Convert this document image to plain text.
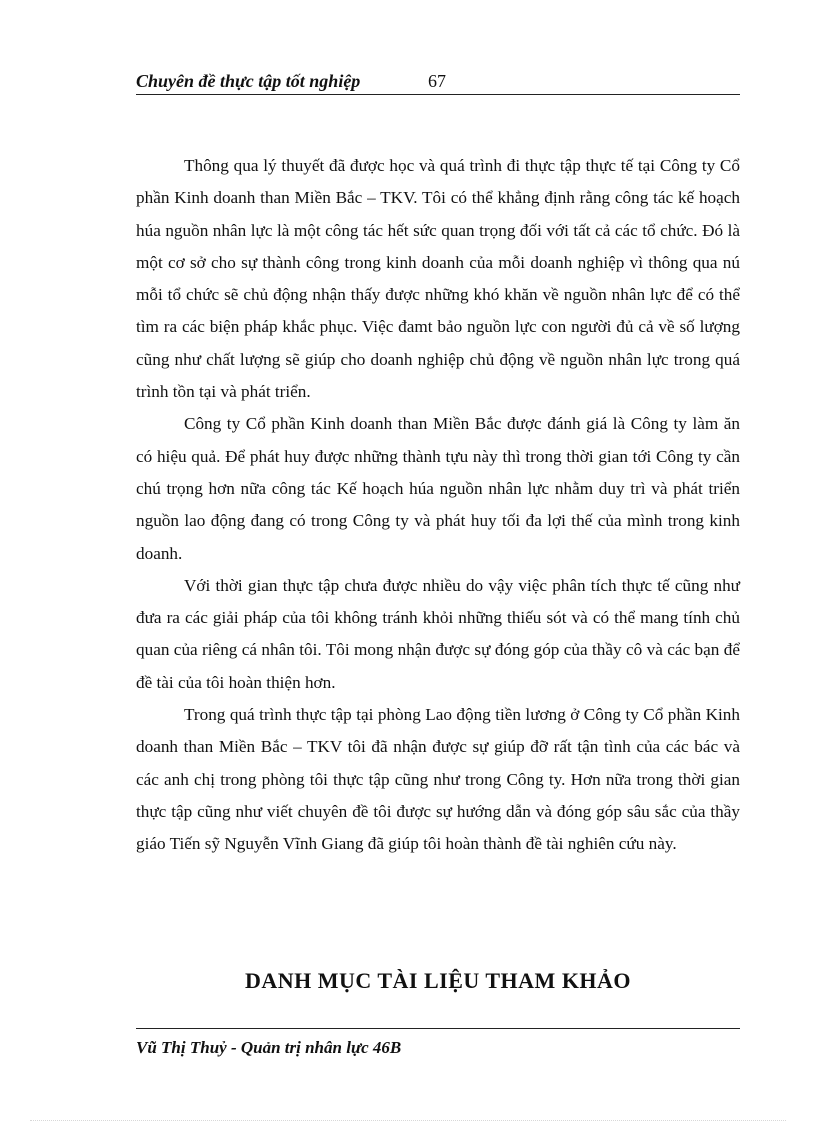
Chuyên đề thực tập tốt nghiệp	67

Thông qua lý thuyết đã được học và quá trình đi thực tập thực tế tại Công ty Cổ phần Kinh doanh than Miền Bắc – TKV. Tôi có thể khẳng định rằng công tác kế hoạch húa nguồn nhân lực là một công tác hết sức quan trọng đối với tất cả các tổ chức. Đó là một cơ sở cho sự thành công trong kinh doanh của mỗi doanh nghiệp vì thông qua nú mỗi tổ chức sẽ chủ động nhận thấy được những khó khăn về nguồn nhân lực để có thể tìm ra các biện pháp khắc phục. Việc đamt bảo nguồn lực con người đủ cả về số lượng cũng như chất lượng sẽ giúp cho doanh nghiệp chủ động về nguồn nhân lực trong quá trình tồn tại và phát triển.

Công ty Cổ phần Kinh doanh than Miền Bắc được đánh giá là Công ty làm ăn có hiệu quả. Để phát huy được những thành tựu này thì trong thời gian tới Công ty cần chú trọng hơn nữa công tác Kế hoạch húa nguồn nhân lực nhằm duy trì và phát triển nguồn lao động đang có trong Công ty và phát huy tối đa lợi thế của mình trong kinh doanh.

Với thời gian thực tập chưa được nhiều do vậy việc phân tích thực tế cũng như đưa ra các giải pháp của tôi không tránh khỏi những thiếu sót và có thể mang tính chủ quan của riêng cá nhân tôi. Tôi mong nhận được sự đóng góp của thầy cô và các bạn để đề tài của tôi hoàn thiện hơn.

Trong quá trình thực tập tại phòng Lao động tiền lương ở Công ty Cổ phần Kinh doanh than Miền Bắc – TKV tôi đã nhận được sự giúp đỡ rất tận tình của các bác và các anh chị trong phòng tôi thực tập cũng như trong Công ty. Hơn nữa trong thời gian thực tập cũng như viết chuyên đề tôi được sự hướng dẫn và đóng góp sâu sắc của thầy giáo Tiến sỹ Nguyễn Vĩnh Giang đã giúp tôi hoàn thành đề tài nghiên cứu này.

DANH MỤC TÀI LIỆU THAM KHẢO
Vũ Thị Thuỷ - Quản trị nhân lực 46B
